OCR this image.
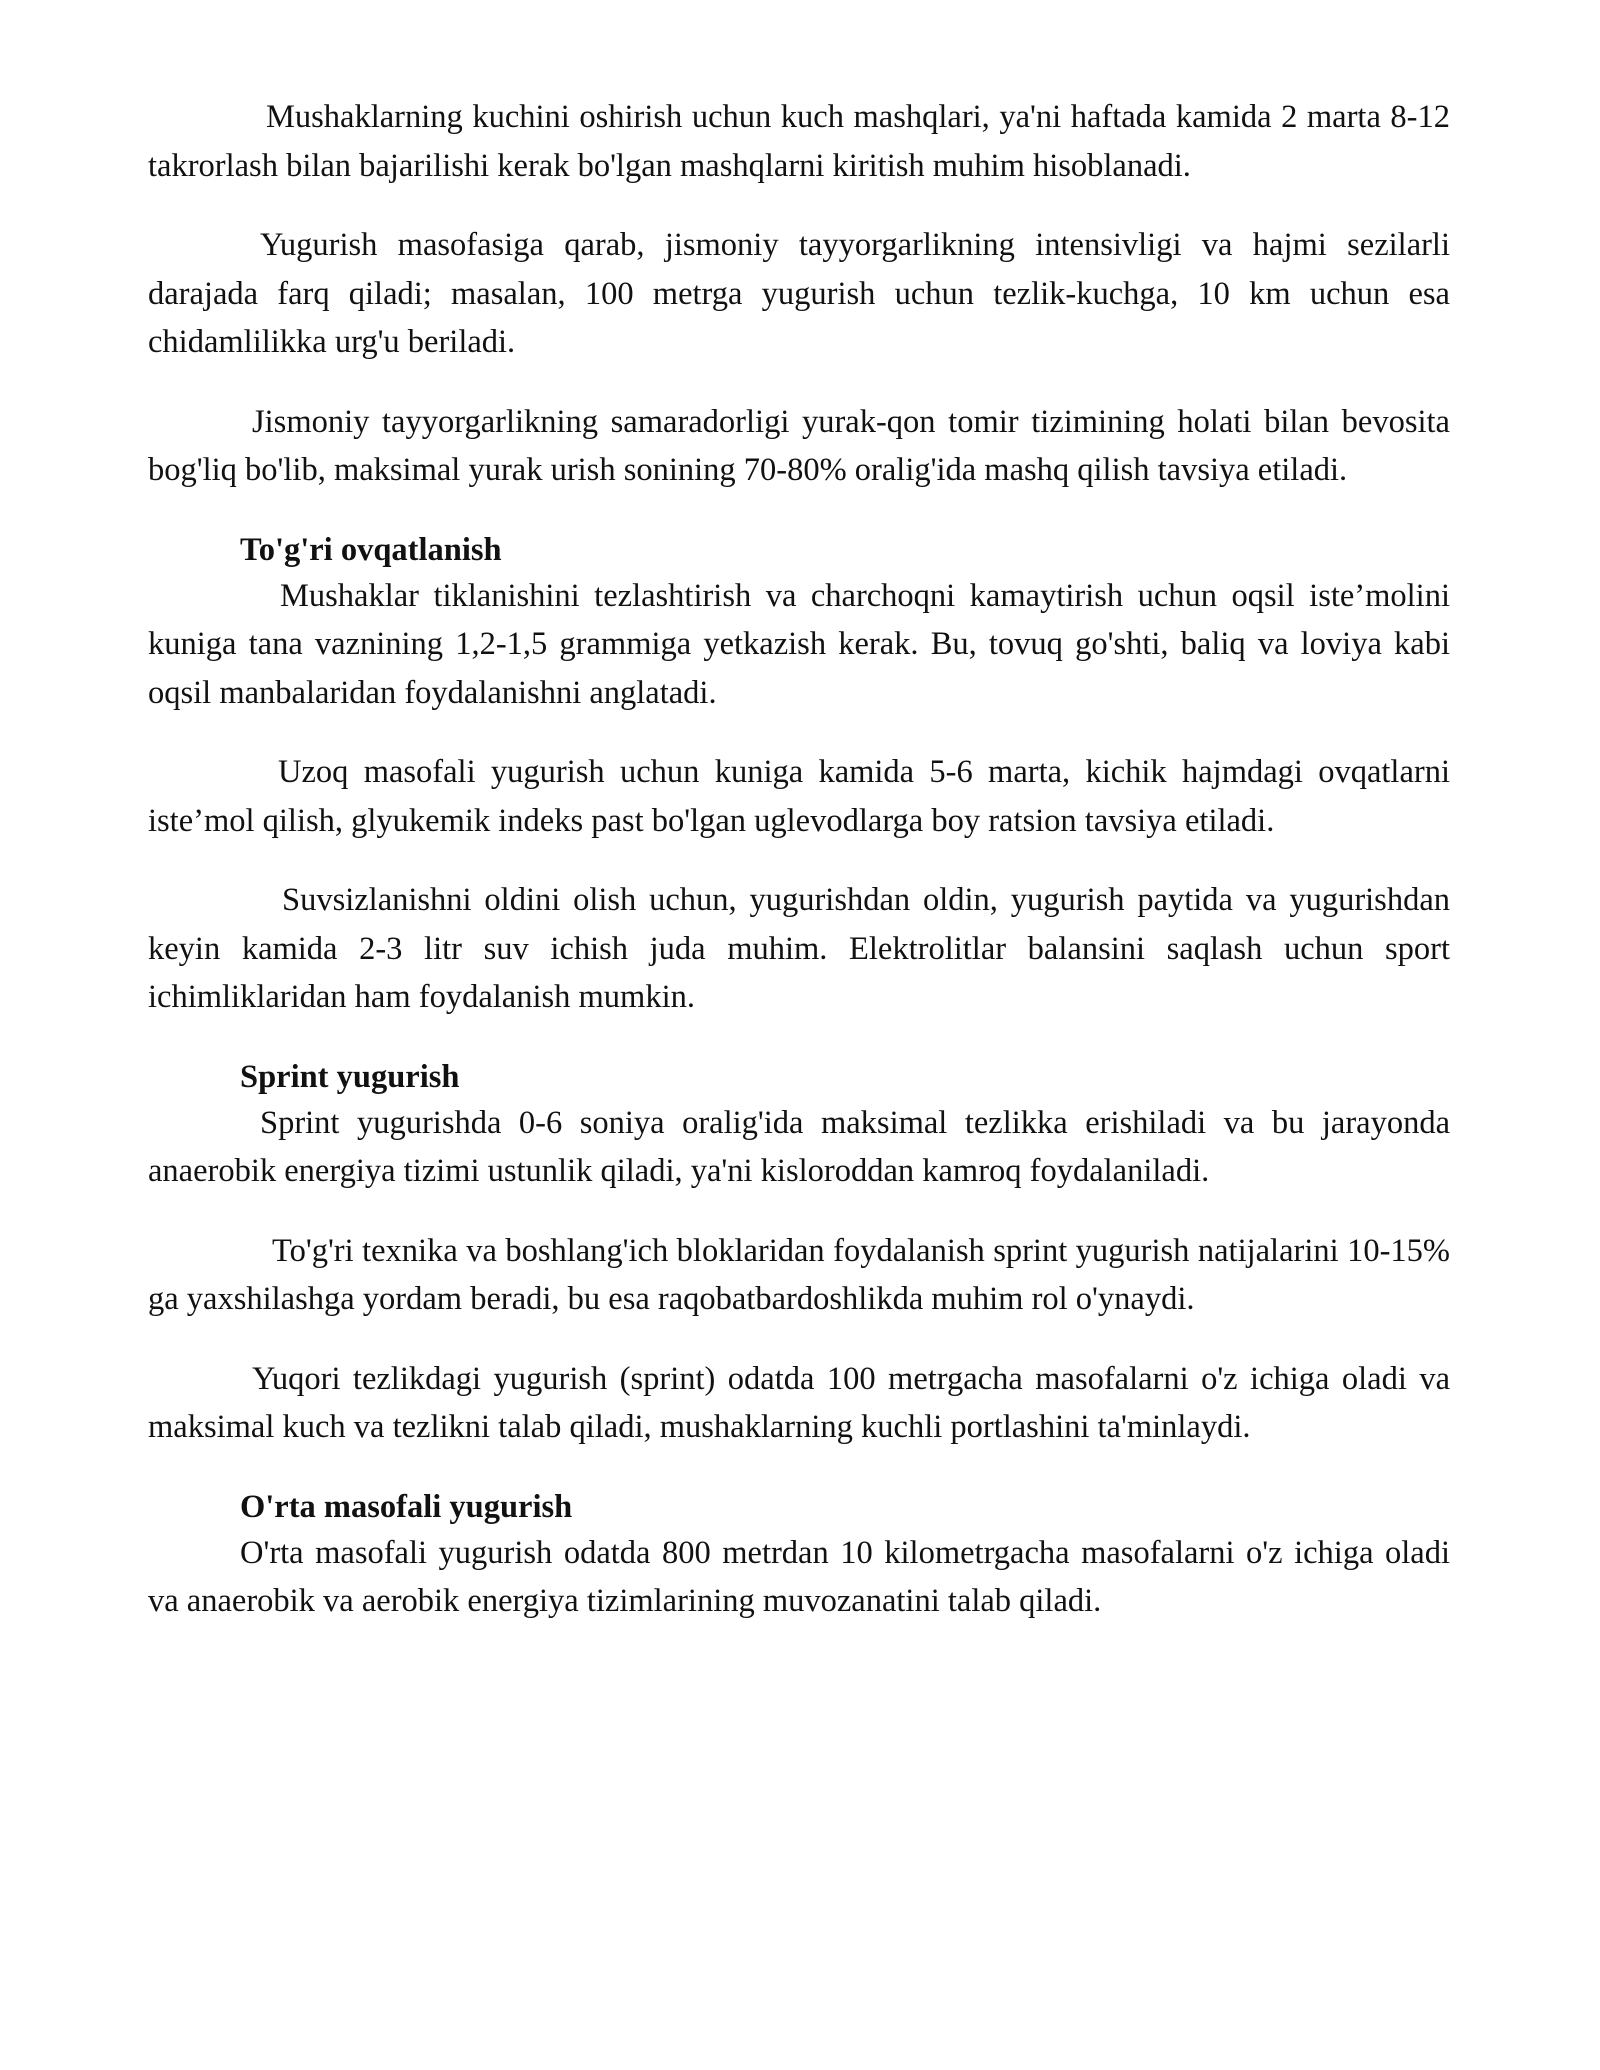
Mushaklarning kuchini oshirish uchun kuch mashqlari, ya'ni haftada kamida 2 marta 8-12 takrorlash bilan bajarilishi kerak bo'lgan mashqlarni kiritish muhim hisoblanadi.

Yugurish masofasiga qarab, jismoniy tayyorgarlikning intensivligi va hajmi sezilarli darajada farq qiladi; masalan, 100 metrga yugurish uchun tezlik-kuchga, 10 km uchun esa chidamlilikka urg'u beriladi.

Jismoniy tayyorgarlikning samaradorligi yurak-qon tomir tizimining holati bilan bevosita bog'liq bo'lib, maksimal yurak urish sonining 70-80% oralig'ida mashq qilish tavsiya etiladi.

To'g'ri ovqatlanish

Mushaklar tiklanishini tezlashtirish va charchoqni kamaytirish uchun oqsil iste’molini kuniga tana vaznining 1,2-1,5 grammiga yetkazish kerak. Bu, tovuq go'shti, baliq va loviya kabi oqsil manbalaridan foydalanishni anglatadi.

Uzoq masofali yugurish uchun kuniga kamida 5-6 marta, kichik hajmdagi ovqatlarni iste’mol qilish, glyukemik indeks past bo'lgan uglevodlarga boy ratsion tavsiya etiladi.

Suvsizlanishni oldini olish uchun, yugurishdan oldin, yugurish paytida va yugurishdan keyin kamida 2-3 litr suv ichish juda muhim. Elektrolitlar balansini saqlash uchun sport ichimliklaridan ham foydalanish mumkin.

Sprint yugurish

Sprint yugurishda 0-6 soniya oralig'ida maksimal tezlikka erishiladi va bu jarayonda anaerobik energiya tizimi ustunlik qiladi, ya'ni kisloroddan kamroq foydalaniladi.

To'g'ri texnika va boshlang'ich bloklaridan foydalanish sprint yugurish natijalarini 10-15% ga yaxshilashga yordam beradi, bu esa raqobatbardoshlikda muhim rol o'ynaydi.

Yuqori tezlikdagi yugurish (sprint) odatda 100 metrgacha masofalarni o'z ichiga oladi va maksimal kuch va tezlikni talab qiladi, mushaklarning kuchli portlashini ta'minlaydi.

O'rta masofali yugurish

O'rta masofali yugurish odatda 800 metrdan 10 kilometrgacha masofalarni o'z ichiga oladi va anaerobik va aerobik energiya tizimlarining muvozanatini talab qiladi.
